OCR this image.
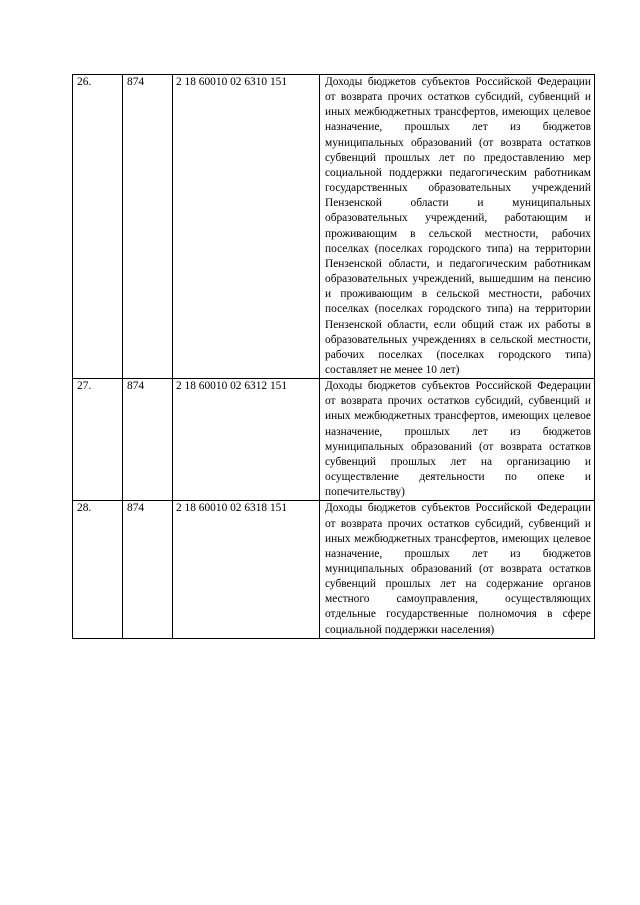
26.	874	2 18 60010 02 6310 151	Доходы бюджетов субъектов Российской Федерации от возврата прочих остатков субсидий, субвенций и иных межбюджетных трансфертов, имеющих целевое назначение, прошлых лет из бюджетов муниципальных образований (от возврата остатков субвенций прошлых лет по предоставлению мер социальной поддержки педагогическим работникам государственных образовательных учреждений Пензенской области и муниципальных образовательных учреждений, работающим и проживающим в сельской местности, рабочих поселках (поселках городского типа) на территории Пензенской области, и педагогическим работникам образовательных учреждений, вышедшим на пенсию и проживающим в сельской местности, рабочих поселках (поселках городского типа) на территории Пензенской области, если общий стаж их работы в образовательных учреждениях в сельской местности, рабочих поселках (поселках городского типа) составляет не менее 10 лет)
27.	874	2 18 60010 02 6312 151	Доходы бюджетов субъектов Российской Федерации от возврата прочих остатков субсидий, субвенций и иных межбюджетных трансфертов, имеющих целевое назначение, прошлых лет из бюджетов муниципальных образований (от возврата остатков субвенций прошлых лет на организацию и осуществление деятельности по опеке и попечительству)
28.	874	2 18 60010 02 6318 151	Доходы бюджетов субъектов Российской Федерации от возврата прочих остатков субсидий, субвенций и иных межбюджетных трансфертов, имеющих целевое назначение, прошлых лет из бюджетов муниципальных образований (от возврата остатков субвенций прошлых лет на содержание органов местного самоуправления, осуществляющих отдельные государственные полномочия в сфере социальной поддержки населения)
